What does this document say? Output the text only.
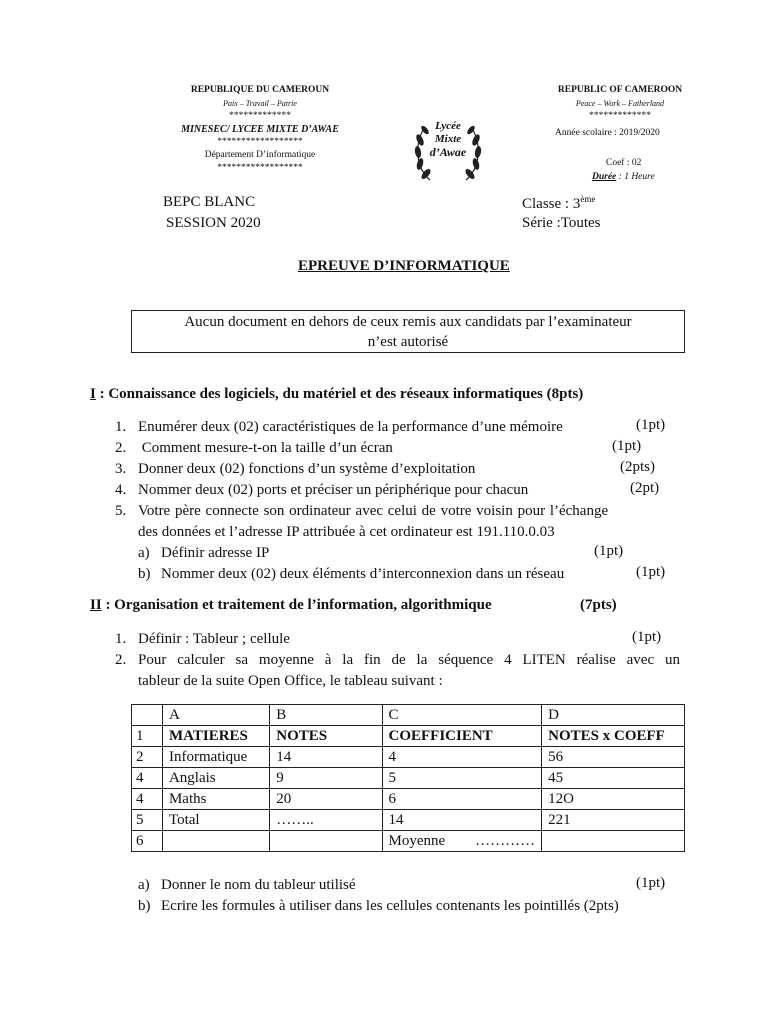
REPUBLIQUE DU CAMEROUN
Paix – Travail – Patrie
*************
MINESEC/ LYCEE MIXTE D’AWAE
******************
Département D’informatique
******************
Lycée
Mixte
d’Awae
REPUBLIC OF CAMEROON
Peace – Work – Fatherland
*************
Année scolaire : 2019/2020
Coef : 02
Durée : 1 Heure
BEPC BLANC
SESSION 2020
Classe : 3ème
Série :Toutes
EPREUVE D’INFORMATIQUE
Aucun document en dehors de ceux remis aux candidats par l’examinateur
n’est autorisé
I : Connaissance des logiciels, du matériel et des réseaux informatiques (8pts)
1. Enumérer deux (02) caractéristiques de la performance d’une mémoire
2. Comment mesure-t-on la taille d’un écran
3. Donner deux (02) fonctions d’un système d’exploitation
4. Nommer deux (02) ports et préciser un périphérique pour chacun
5. Votre père connecte son ordinateur avec celui de votre voisin pour l’échange
des données et l’adresse IP attribuée à cet ordinateur est 191.110.0.03
a) Définir adresse IP
b) Nommer deux (02) deux éléments d’interconnexion dans un réseau
(1pt)
(1pt)
(2pts)
(2pt)
(1pt)
(1pt)
II : Organisation et traitement de l’information, algorithmique	(7pts)
1. Définir : Tableur ; cellule	(1pt)
2. Pour calculer sa moyenne à la fin de la séquence 4 LITEN réalise avec un
tableur de la suite Open Office, le tableau suivant :
	A	B	C	D
1	MATIERES	NOTES	COEFFICIENT	NOTES x COEFF
2	Informatique	14	4	56
4	Anglais	9	5	45
4	Maths	20	6	12O
5	Total	……..	14	221
6			Moyenne        …………	
a) Donner le nom du tableur utilisé	(1pt)
b) Ecrire les formules à utiliser dans les cellules contenants les pointillés (2pts)
